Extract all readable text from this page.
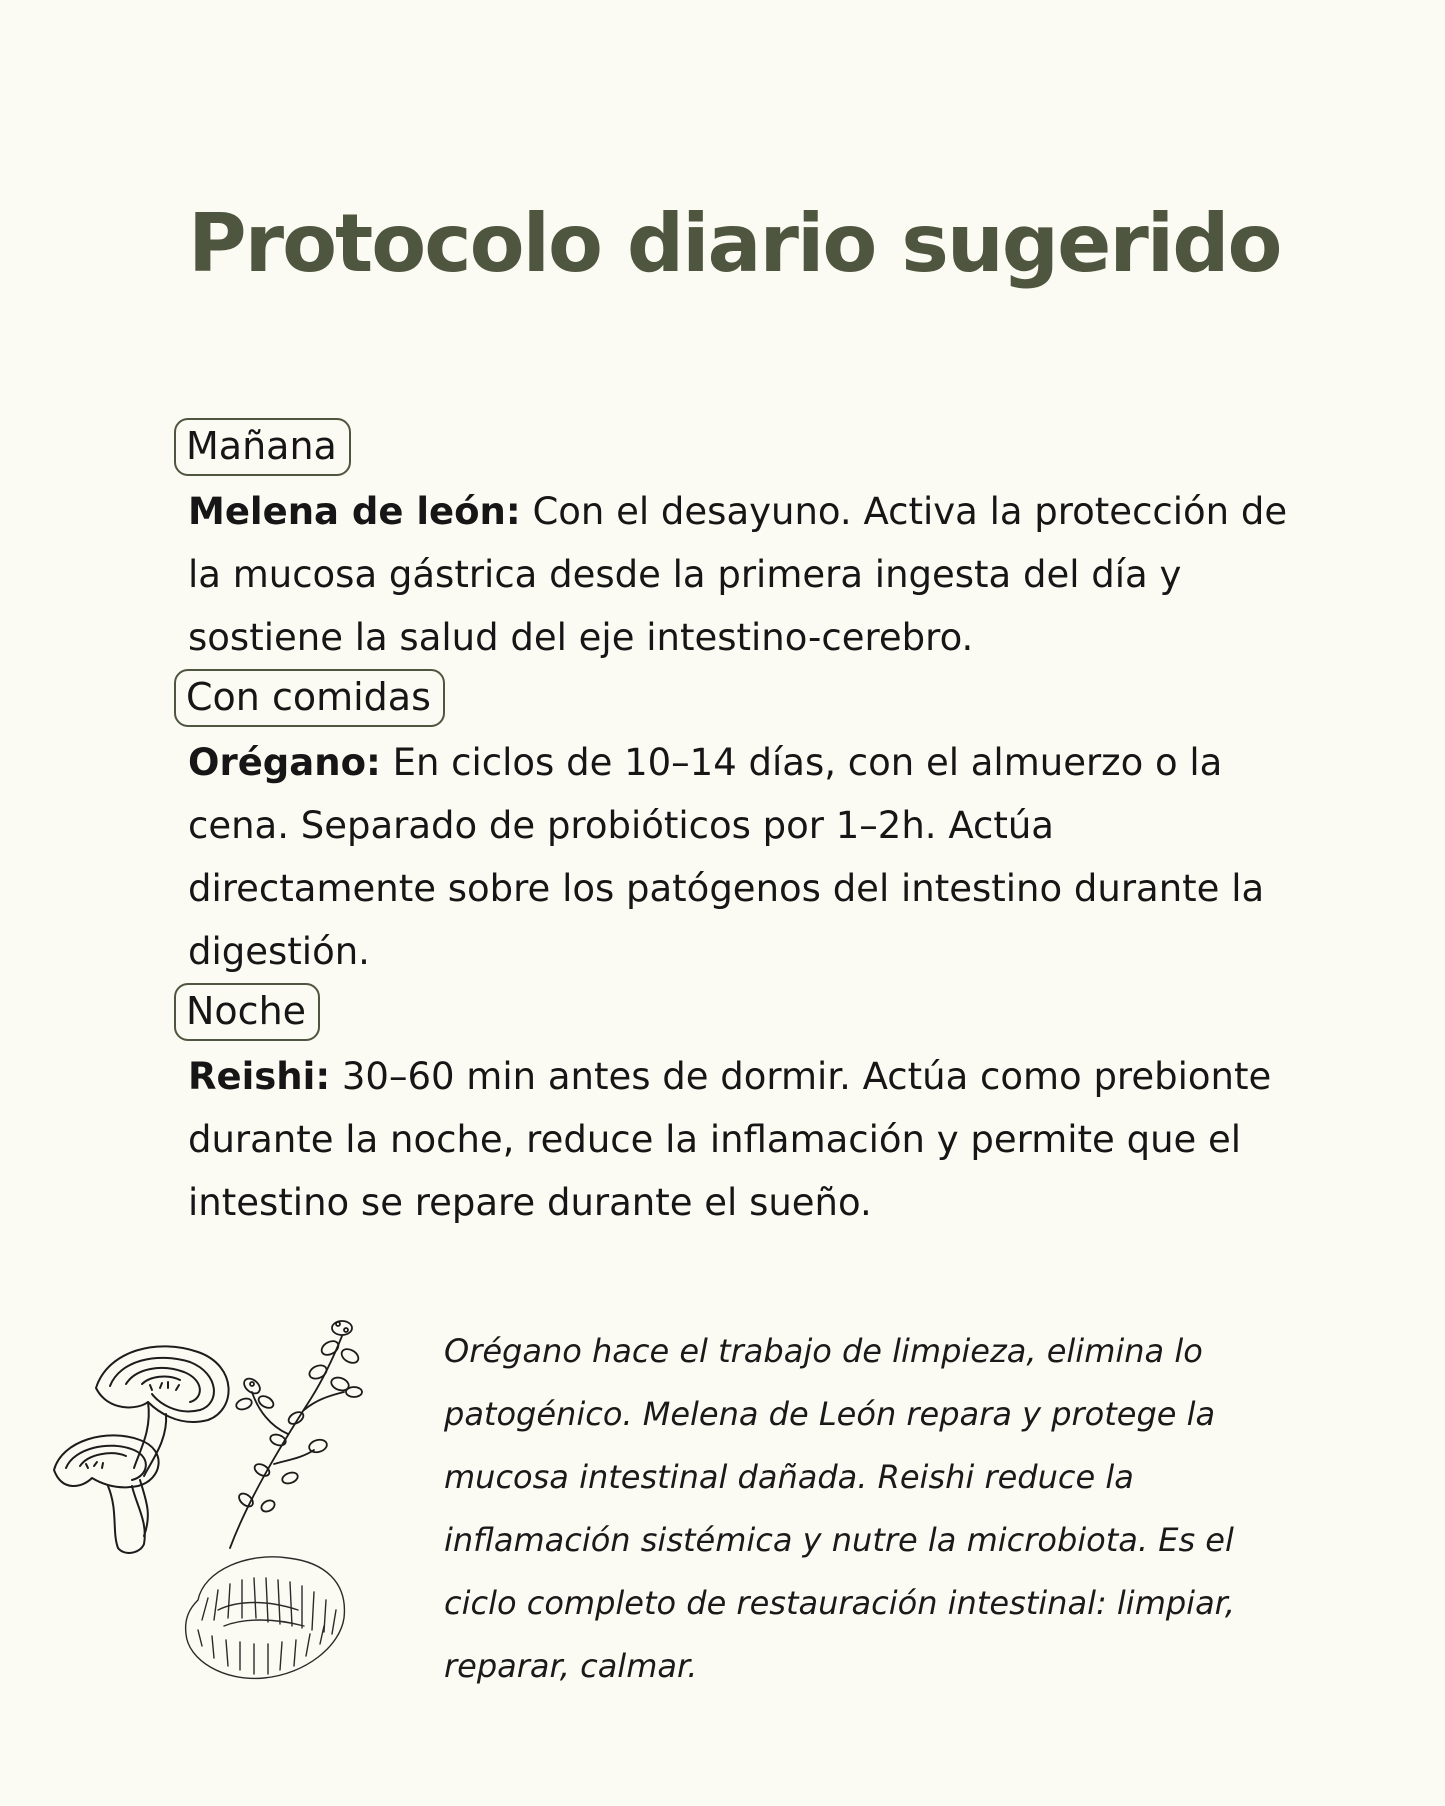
Protocolo diario sugerido
Mañana

Melena de león: Con el desayuno. Activa la protección de la mucosa gástrica desde la primera ingesta del día y sostiene la salud del eje intestino-cerebro.

Con comidas

Orégano: En ciclos de 10–14 días, con el almuerzo o la cena. Separado de probióticos por 1–2h. Actúa directamente sobre los patógenos del intestino durante la digestión.

Noche

Reishi: 30–60 min antes de dormir. Actúa como prebionte durante la noche, reduce la inflamación y permite que el intestino se repare durante el sueño.

Orégano hace el trabajo de limpieza, elimina lo patogénico. Melena de León repara y protege la mucosa intestinal dañada. Reishi reduce la inflamación sistémica y nutre la microbiota. Es el ciclo completo de restauración intestinal: limpiar, reparar, calmar.
